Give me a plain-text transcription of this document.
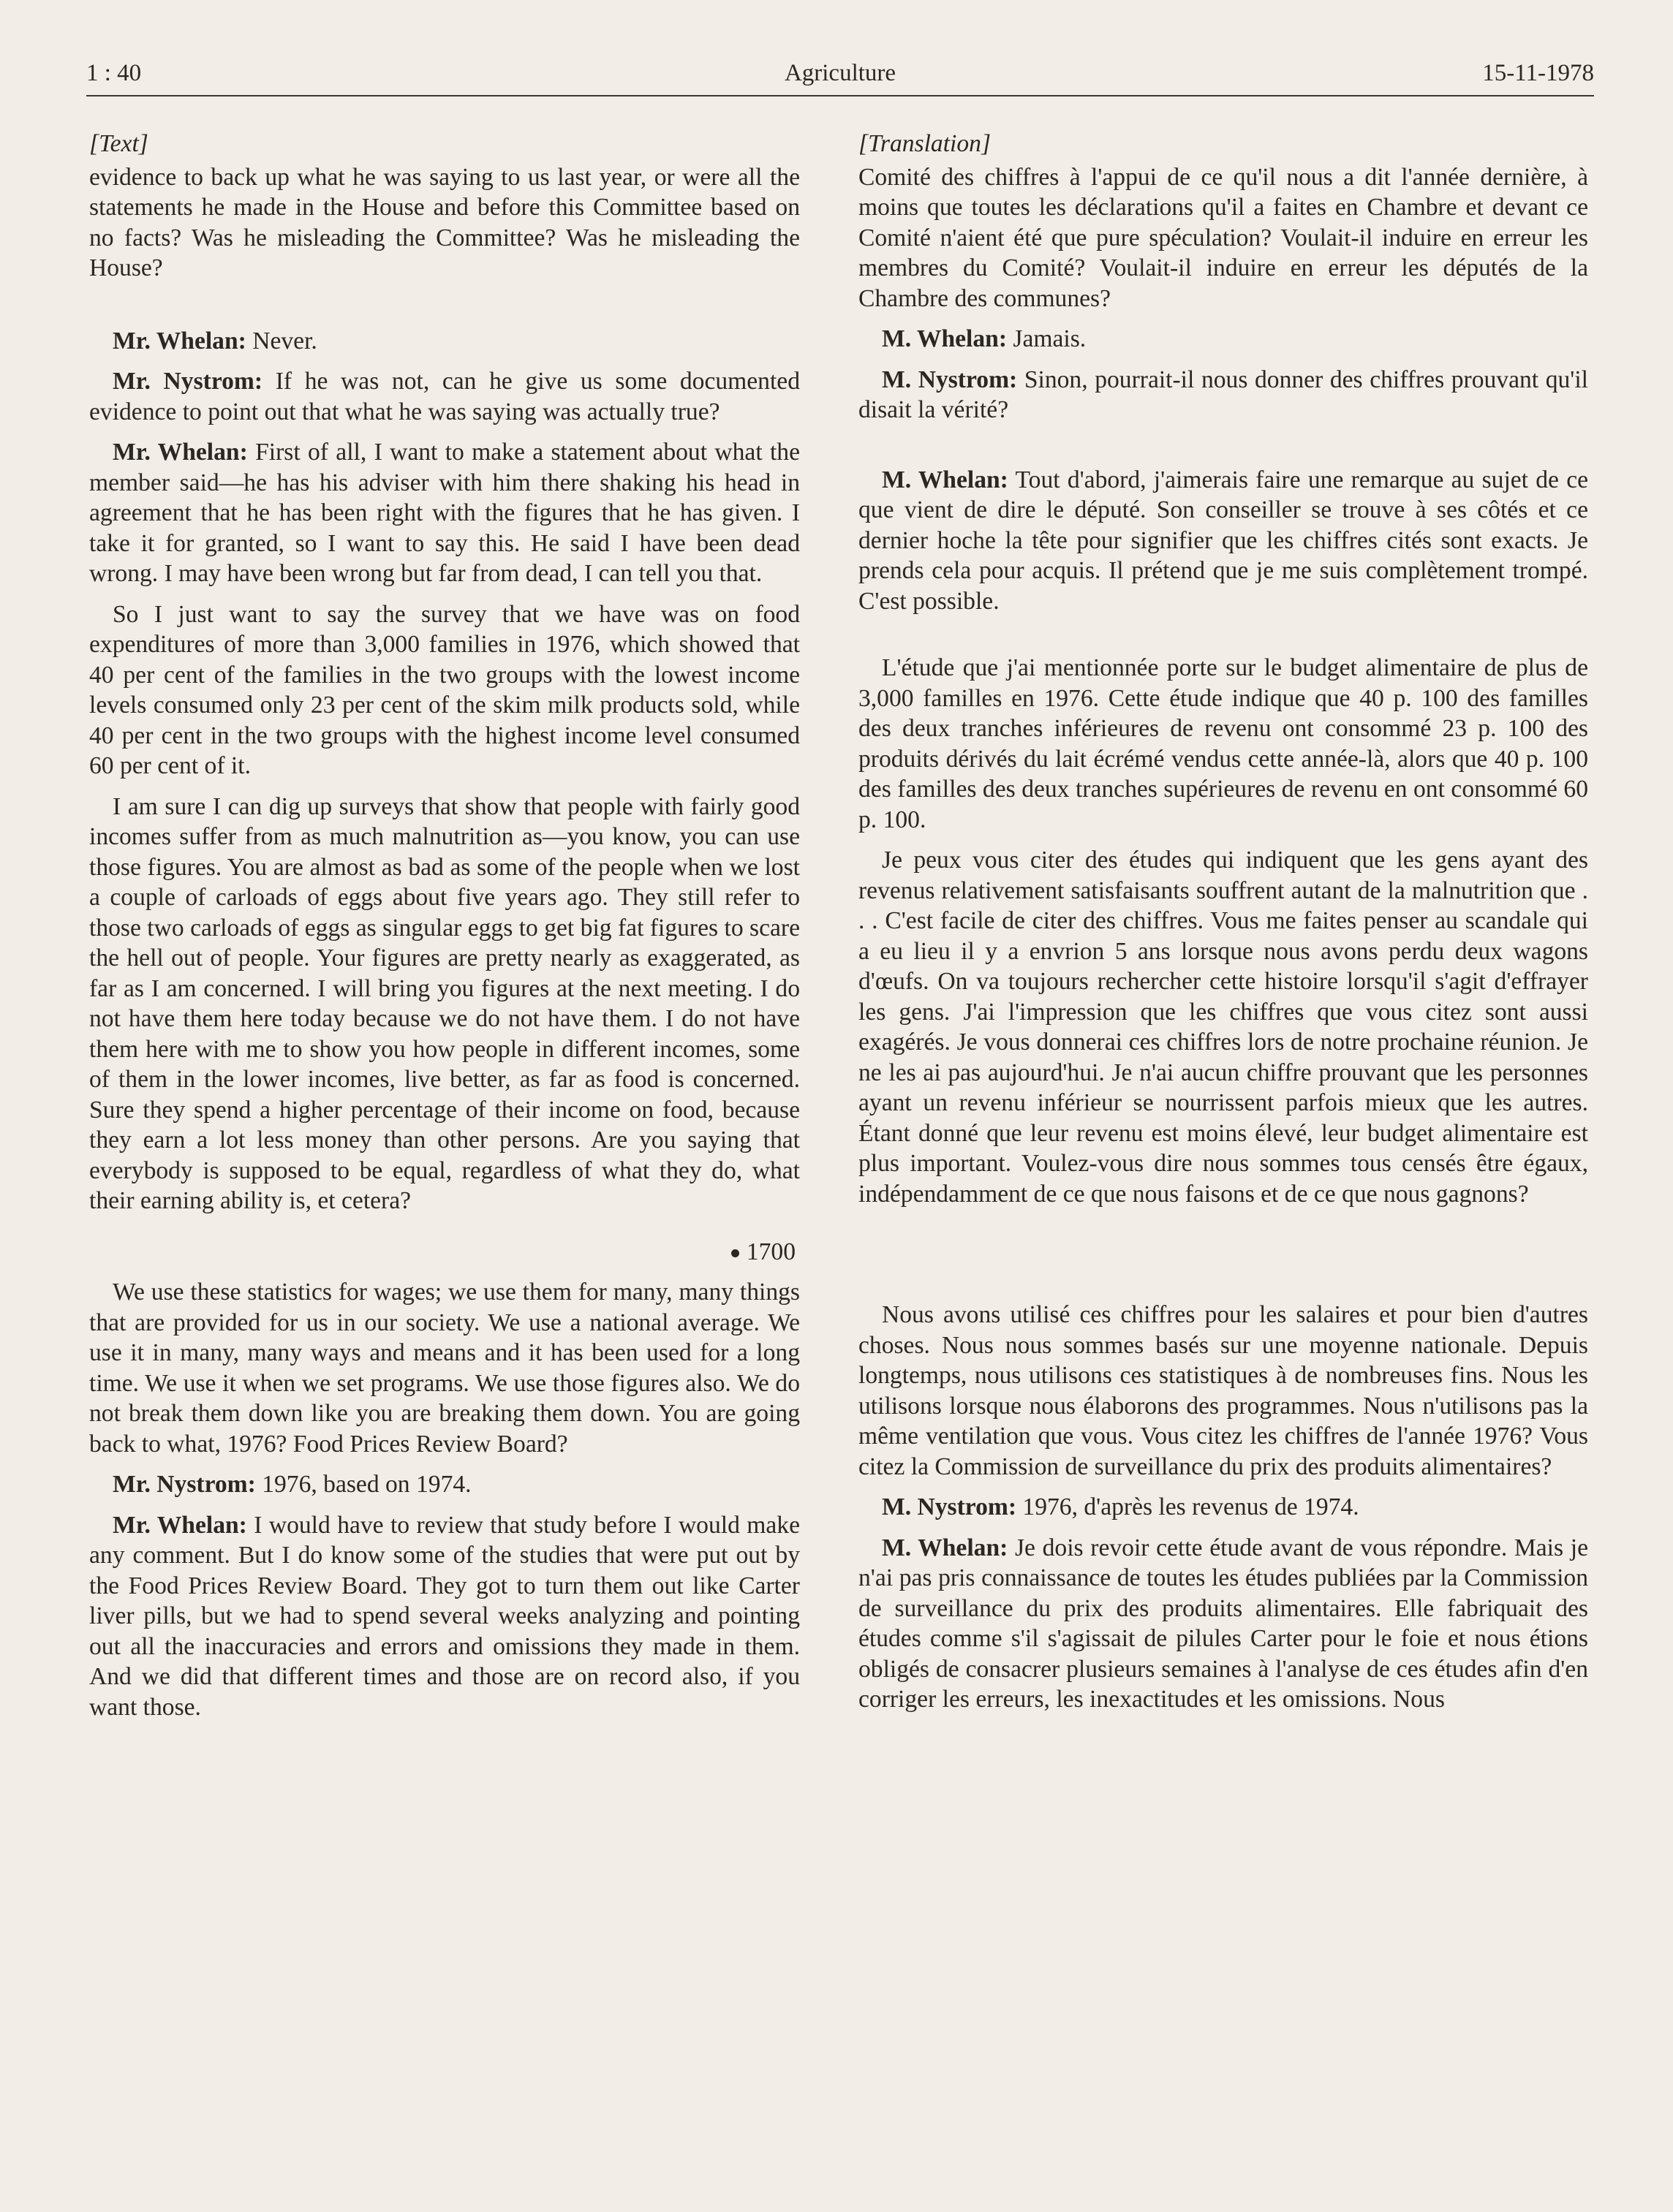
1 : 40	Agriculture	15-11-1978
[Text]

evidence to back up what he was saying to us last year, or were all the statements he made in the House and before this Committee based on no facts? Was he misleading the Committee? Was he misleading the House?

Mr. Whelan: Never.

Mr. Nystrom: If he was not, can he give us some documented evidence to point out that what he was saying was actually true?

Mr. Whelan: First of all, I want to make a statement about what the member said—he has his adviser with him there shaking his head in agreement that he has been right with the figures that he has given. I take it for granted, so I want to say this. He said I have been dead wrong. I may have been wrong but far from dead, I can tell you that.

So I just want to say the survey that we have was on food expenditures of more than 3,000 families in 1976, which showed that 40 per cent of the families in the two groups with the lowest income levels consumed only 23 per cent of the skim milk products sold, while 40 per cent in the two groups with the highest income level consumed 60 per cent of it.

I am sure I can dig up surveys that show that people with fairly good incomes suffer from as much malnutrition as—you know, you can use those figures. You are almost as bad as some of the people when we lost a couple of carloads of eggs about five years ago. They still refer to those two carloads of eggs as singular eggs to get big fat figures to scare the hell out of people. Your figures are pretty nearly as exaggerated, as far as I am concerned. I will bring you figures at the next meeting. I do not have them here today because we do not have them. I do not have them here with me to show you how people in different incomes, some of them in the lower incomes, live better, as far as food is concerned. Sure they spend a higher percentage of their income on food, because they earn a lot less money than other persons. Are you saying that everybody is supposed to be equal, regardless of what they do, what their earning ability is, et cetera?

1700

We use these statistics for wages; we use them for many, many things that are provided for us in our society. We use a national average. We use it in many, many ways and means and it has been used for a long time. We use it when we set programs. We use those figures also. We do not break them down like you are breaking them down. You are going back to what, 1976? Food Prices Review Board?

Mr. Nystrom: 1976, based on 1974.

Mr. Whelan: I would have to review that study before I would make any comment. But I do know some of the studies that were put out by the Food Prices Review Board. They got to turn them out like Carter liver pills, but we had to spend several weeks analyzing and pointing out all the inaccuracies and errors and omissions they made in them. And we did that different times and those are on record also, if you want those.

[Translation]

Comité des chiffres à l'appui de ce qu'il nous a dit l'année dernière, à moins que toutes les déclarations qu'il a faites en Chambre et devant ce Comité n'aient été que pure spéculation? Voulait-il induire en erreur les membres du Comité? Voulait-il induire en erreur les députés de la Chambre des communes?

M. Whelan: Jamais.

M. Nystrom: Sinon, pourrait-il nous donner des chiffres prouvant qu'il disait la vérité?

M. Whelan: Tout d'abord, j'aimerais faire une remarque au sujet de ce que vient de dire le député. Son conseiller se trouve à ses côtés et ce dernier hoche la tête pour signifier que les chiffres cités sont exacts. Je prends cela pour acquis. Il prétend que je me suis complètement trompé. C'est possible.

L'étude que j'ai mentionnée porte sur le budget alimentaire de plus de 3,000 familles en 1976. Cette étude indique que 40 p. 100 des familles des deux tranches inférieures de revenu ont consommé 23 p. 100 des produits dérivés du lait écrémé vendus cette année-là, alors que 40 p. 100 des familles des deux tranches supérieures de revenu en ont consommé 60 p. 100.

Je peux vous citer des études qui indiquent que les gens ayant des revenus relativement satisfaisants souffrent autant de la malnutrition que . . . C'est facile de citer des chiffres. Vous me faites penser au scandale qui a eu lieu il y a envrion 5 ans lorsque nous avons perdu deux wagons d'œufs. On va toujours rechercher cette histoire lorsqu'il s'agit d'effrayer les gens. J'ai l'impression que les chiffres que vous citez sont aussi exagérés. Je vous donnerai ces chiffres lors de notre prochaine réunion. Je ne les ai pas aujourd'hui. Je n'ai aucun chiffre prouvant que les personnes ayant un revenu inférieur se nourrissent parfois mieux que les autres. Étant donné que leur revenu est moins élevé, leur budget alimentaire est plus important. Voulez-vous dire nous sommes tous censés être égaux, indépendamment de ce que nous faisons et de ce que nous gagnons?

Nous avons utilisé ces chiffres pour les salaires et pour bien d'autres choses. Nous nous sommes basés sur une moyenne nationale. Depuis longtemps, nous utilisons ces statistiques à de nombreuses fins. Nous les utilisons lorsque nous élaborons des programmes. Nous n'utilisons pas la même ventilation que vous. Vous citez les chiffres de l'année 1976? Vous citez la Commission de surveillance du prix des produits alimentaires?

M. Nystrom: 1976, d'après les revenus de 1974.

M. Whelan: Je dois revoir cette étude avant de vous répondre. Mais je n'ai pas pris connaissance de toutes les études publiées par la Commission de surveillance du prix des produits alimentaires. Elle fabriquait des études comme s'il s'agissait de pilules Carter pour le foie et nous étions obligés de consacrer plusieurs semaines à l'analyse de ces études afin d'en corriger les erreurs, les inexactitudes et les omissions. Nous
